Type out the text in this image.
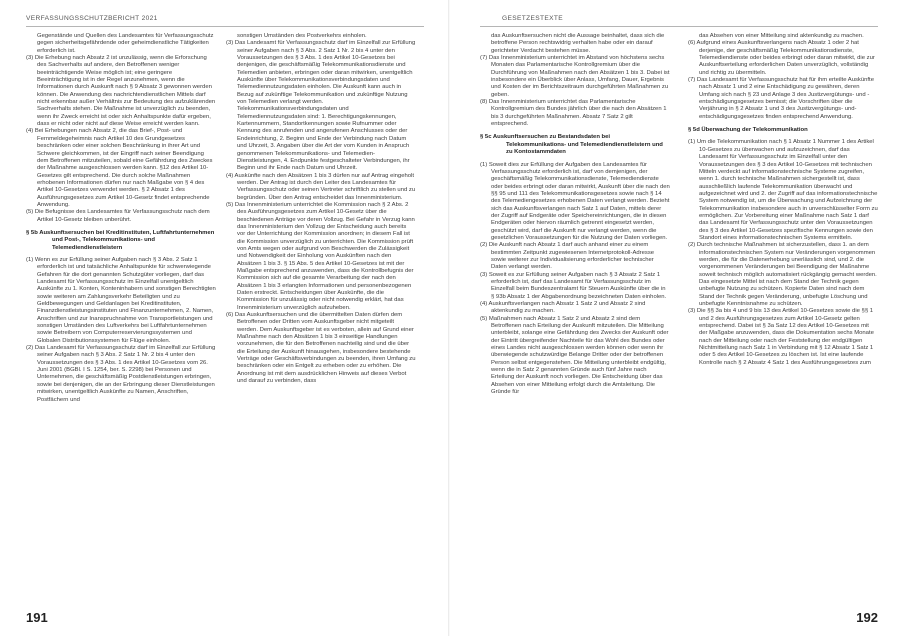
VERFASSUNGSSCHUTZBERICHT 2021

Gegenstände und Quellen des Landesamtes für Verfassungsschutz gegen sicherheitsgefährdende oder geheimdienstliche Tätigkeiten erforderlich ist.

(3) Die Erhebung nach Absatz 2 ist unzulässig, wenn die Erforschung des Sachverhalts auf andere, den Betroffenen weniger beeinträchtigende Weise möglich ist; eine geringere Beeinträchtigung ist in der Regel anzunehmen, wenn die Informationen durch Auskunft nach § 9 Absatz 3 gewonnen werden können. Die Anwendung des nachrichtendienstlichen Mittels darf nicht erkennbar außer Verhältnis zur Bedeutung des aufzuklärenden Sachverhalts stehen. Die Maßnahme ist unverzüglich zu beenden, wenn ihr Zweck erreicht ist oder sich Anhaltspunkte dafür ergeben, dass er nicht oder nicht auf diese Weise erreicht werden kann.

(4) Bei Erhebungen nach Absatz 2, die das Brief-, Post- und Fernmeldegeheimnis nach Artikel 10 des Grundgesetzes beschränken oder einer solchen Beschränkung in ihrer Art und Schwere gleichkommen, ist der Eingriff nach seiner Beendigung dem Betroffenen mitzuteilen, sobald eine Gefährdung des Zweckes der Maßnahme ausgeschlossen werden kann. §12 des Artikel 10-Gesetzes gilt entsprechend. Die durch solche Maßnahmen erhobenen Informationen dürfen nur nach Maßgabe von § 4 des Artikel 10-Gesetzes verwendet werden. § 2 Absatz 1 des Ausführungsgesetzes zum Artikel 10-Gesetz findet entsprechende Anwendung.

(5) Die Befugnisse des Landesamtes für Verfassungsschutz nach dem Artikel 10-Gesetz bleiben unberührt.

§ 5b Auskunftsersuchen bei Kreditinstituten, Luftfahrtunternehmen und Post-, Telekommunikations- und Telemediendienstleistern

(1) Wenn es zur Erfüllung seiner Aufgaben nach § 3 Abs. 2 Satz 1 erforderlich ist und tatsächliche Anhaltspunkte für schwerwiegende Gefahren für die dort genannten Schutzgüter vorliegen, darf das Landesamt für Verfassungsschutz im Einzelfall unentgeltlich Auskünfte zu 1. Konten, Konteninhabern und sonstigen Berechtigten sowie weiteren am Zahlungsverkehr Beteiligten und zu Geldbewegungen und Geldanlagen bei Kreditinstituten, Finanzdienstleistungsinstituten und Finanzunternehmen, 2. Namen, Anschriften und zur Inanspruchnahme von Transportleistungen und sonstigen Umständen des Luftverkehrs bei Luftfahrtunternehmen sowie Betreibern von Computerreservierungssystemen und Globalen Distributionssystemen für Flüge einholen.

(2) Das Landesamt für Verfassungsschutz darf im Einzelfall zur Erfüllung seiner Aufgaben nach § 3 Abs. 2 Satz 1 Nr. 2 bis 4 unter den Voraussetzungen des § 3 Abs. 1 des Artikel 10-Gesetzes vom 26. Juni 2001 (BGBl. I S. 1254, ber. S. 2298) bei Personen und Unternehmen, die geschäftsmäßig Postdienstleistungen erbringen, sowie bei denjenigen, die an der Erbringung dieser Dienstleistungen mitwirken, unentgeltlich Auskünfte zu Namen, Anschriften, Postfächern und

sonstigen Umständen des Postverkehrs einholen.

(3) Das Landesamt für Verfassungsschutz darf im Einzelfall zur Erfüllung seiner Aufgaben nach § 3 Abs. 2 Satz 1 Nr. 2 bis 4 unter den Voraussetzungen des § 3 Abs. 1 des Artikel 10-Gesetzes bei denjenigen, die geschäftsmäßig Telekommunikationsdienste und Telemedien anbieten, erbringen oder daran mitwirken, unentgeltlich Auskünfte über Telekommunikationsverbindungsdaten und Telemediennutzungsdaten einholen. Die Auskunft kann auch in Bezug auf zukünftige Telekommunikation und zukünftige Nutzung von Telemedien verlangt werden. Telekommunikationsverbindungsdaten und Telemediennutzungsdaten sind: 1. Berechtigungskennungen, Kartennummern, Standortkennungen sowie Rufnummer oder Kennung des anrufenden und angerufenen Anschlusses oder der Endeinrichtung, 2. Beginn und Ende der Verbindung nach Datum und Uhrzeit, 3. Angaben über die Art der vom Kunden in Anspruch genommenen Telekommunikations- und Telemedien-Dienstleistungen, 4. Endpunkte festgeschalteter Verbindungen, ihr Beginn und ihr Ende nach Datum und Uhrzeit.

(4) Auskünfte nach den Absätzen 1 bis 3 dürfen nur auf Antrag eingeholt werden. Der Antrag ist durch den Leiter des Landesamtes für Verfassungsschutz oder seinen Vertreter schriftlich zu stellen und zu begründen. Über den Antrag entscheidet das Innenministerium.

(5) Das Innenministerium unterrichtet die Kommission nach § 2 Abs. 2 des Ausführungsgesetzes zum Artikel 10-Gesetz über die beschiedenen Anträge vor deren Vollzug. Bei Gefahr in Verzug kann das Innenministerium den Vollzug der Entscheidung auch bereits vor der Unterrichtung der Kommission anordnen; in diesem Fall ist die Kommission unverzüglich zu unterrichten. Die Kommission prüft von Amts wegen oder aufgrund von Beschwerden die Zulässigkeit und Notwendigkeit der Einholung von Auskünften nach den Absätzen 1 bis 3. § 15 Abs. 5 des Artikel 10-Gesetzes ist mit der Maßgabe entsprechend anzuwenden, dass die Kontrollbefugnis der Kommission sich auf die gesamte Verarbeitung der nach den Absätzen 1 bis 3 erlangten Informationen und personenbezogenen Daten erstreckt. Entscheidungen über Auskünfte, die die Kommission für unzulässig oder nicht notwendig erklärt, hat das Innenministerium unverzüglich aufzuheben.

(6) Das Auskunftsersuchen und die übermittelten Daten dürfen dem Betroffenen oder Dritten vom Auskunftsgeber nicht mitgeteilt werden. Dem Auskunftsgeber ist es verboten, allein auf Grund einer Maßnahme nach den Absätzen 1 bis 3 einseitige Handlungen vorzunehmen, die für den Betroffenen nachteilig sind und die über die Erteilung der Auskunft hinausgehen, insbesondere bestehende Verträge oder Geschäftsverbindungen zu beenden, ihren Umfang zu beschränken oder ein Entgelt zu erheben oder zu erhöhen. Die Anordnung ist mit dem ausdrücklichen Hinweis auf dieses Verbot und darauf zu verbinden, dass

191
GESETZESTEXTE

das Auskunftsersuchen nicht die Aussage beinhaltet, dass sich die betroffene Person rechtswidrig verhalten habe oder ein darauf gerichteter Verdacht bestehen müsse.

(7) Das Innenministerium unterrichtet im Abstand von höchstens sechs Monaten das Parlamentarische Kontrollgremium über die Durchführung von Maßnahmen nach den Absätzen 1 bis 3. Dabei ist insbesondere ein Überblick über Anlass, Umfang, Dauer, Ergebnis und Kosten der im Berichtszeitraum durchgeführten Maßnahmen zu geben.

(8) Das Innenministerium unterrichtet das Parlamentarische Kontrollgremium des Bundes jährlich über die nach den Absätzen 1 bis 3 durchgeführten Maßnahmen. Absatz 7 Satz 2 gilt entsprechend.

§ 5c Auskunftsersuchen zu Bestandsdaten bei Telekommunikations- und Telemediendienstleistern und zu Kontostammdaten

(1) Soweit dies zur Erfüllung der Aufgaben des Landesamtes für Verfassungsschutz erforderlich ist, darf von demjenigen, der geschäftsmäßig Telekommunikationsdienste, Telemediendienste oder beides erbringt oder daran mitwirkt, Auskunft über die nach den §§ 95 und 111 des Telekommunikationsgesetzes sowie nach § 14 des Telemediengesetzes erhobenen Daten verlangt werden. Bezieht sich das Auskunftsverlangen nach Satz 1 auf Daten, mittels derer der Zugriff auf Endgeräte oder Speichereinrichtungen, die in diesen Endgeräten oder hiervon räumlich getrennt eingesetzt werden, geschützt wird, darf die Auskunft nur verlangt werden, wenn die gesetzlichen Voraussetzungen für die Nutzung der Daten vorliegen.

(2) Die Auskunft nach Absatz 1 darf auch anhand einer zu einem bestimmten Zeitpunkt zugewiesenen Internetprotokoll-Adresse sowie weiterer zur Individualisierung erforderlicher technischer Daten verlangt werden.

(3) Soweit es zur Erfüllung seiner Aufgaben nach § 3 Absatz 2 Satz 1 erforderlich ist, darf das Landesamt für Verfassungsschutz im Einzelfall beim Bundeszentralamt für Steuern Auskünfte über die in § 93b Absatz 1 der Abgabenordnung bezeichneten Daten einholen.

(4) Auskunftsverlangen nach Absatz 1 Satz 2 und Absatz 2 sind aktenkundig zu machen.

(5) Maßnahmen nach Absatz 1 Satz 2 und Absatz 2 sind dem Betroffenen nach Erteilung der Auskunft mitzuteilen. Die Mitteilung unterbleibt, solange eine Gefährdung des Zwecks der Auskunft oder der Eintritt übergreifender Nachteile für das Wohl des Bundes oder eines Landes nicht ausgeschlossen werden können oder wenn ihr überwiegende schutzwürdige Belange Dritter oder der betroffenen Person selbst entgegenstehen. Die Mitteilung unterbleibt endgültig, wenn die in Satz 2 genannten Gründe auch fünf Jahre nach Erteilung der Auskunft noch vorliegen. Die Entscheidung über das Absehen von einer Mitteilung erfolgt durch die Amtsleitung. Die Gründe für

das Absehen von einer Mitteilung sind aktenkundig zu machen.

(6) Aufgrund eines Auskunftsverlangens nach Absatz 1 oder 2 hat derjenige, der geschäftsmäßig Telekommunikationsdienste, Telemediendienste oder beides erbringt oder daran mitwirkt, die zur Auskunftserteilung erforderlichen Daten unverzüglich, vollständig und richtig zu übermitteln.

(7) Das Landesamt für Verfassungsschutz hat für ihm erteilte Auskünfte nach Absatz 1 und 2 eine Entschädigung zu gewähren, deren Umfang sich nach § 23 und Anlage 3 des Justizvergütungs- und -entschädigungsgesetzes bemisst; die Vorschriften über die Verjährung in § 2 Absatz 1 und 3 des Justizvergütungs- und-entschädigungsgesetzes finden entsprechend Anwendung.

§ 5d Überwachung der Telekommunikation

(1) Um die Telekommunikation nach § 1 Absatz 1 Nummer 1 des Artikel 10-Gesetzes zu überwachen und aufzuzeichnen, darf das Landesamt für Verfassungsschutz im Einzelfall unter den Voraussetzungen des § 3 des Artikel 10-Gesetzes mit technischen Mitteln verdeckt auf informationstechnische Systeme zugreifen, wenn 1. durch technische Maßnahmen sichergestellt ist, dass ausschließlich laufende Telekommunikation überwacht und aufgezeichnet wird und 2. der Zugriff auf das informationstechnische System notwendig ist, um die Überwachung und Aufzeichnung der Telekommunikation insbesondere auch in unverschlüsselter Form zu ermöglichen. Zur Vorbereitung einer Maßnahme nach Satz 1 darf das Landesamt für Verfassungsschutz unter den Voraussetzungen des § 3 des Artikel 10-Gesetzes spezifische Kennungen sowie den Standort eines informationstechnischen Systems ermitteln.

(2) Durch technische Maßnahmen ist sicherzustellen, dass 1. an dem informationstechnischen System nur Veränderungen vorgenommen werden, die für die Datenerhebung unerlässlich sind, und 2. die vorgenommenen Veränderungen bei Beendigung der Maßnahme soweit technisch möglich automatisiert rückgängig gemacht werden. Das eingesetzte Mittel ist nach dem Stand der Technik gegen unbefugte Nutzung zu schützen. Kopierte Daten sind nach dem Stand der Technik gegen Veränderung, unbefugte Löschung und unbefugte Kenntnisnahme zu schützen.

(3) Die §§ 3a bis 4 und 9 bis 13 des Artikel 10-Gesetzes sowie die §§ 1 und 2 des Ausführungsgesetzes zum Artikel 10-Gesetz gelten entsprechend. Dabei ist § 3a Satz 12 des Artikel 10-Gesetzes mit der Maßgabe anzuwenden, dass die Dokumentation sechs Monate nach der Mitteilung oder nach der Feststellung der endgültigen Nichtmitteilung nach Satz 1 in Verbindung mit § 12 Absatz 1 Satz 1 oder 5 des Artikel 10-Gesetzes zu löschen ist. Ist eine laufende Kontrolle nach § 2 Absatz 4 Satz 1 des Ausführungsgesetzes zum

192
